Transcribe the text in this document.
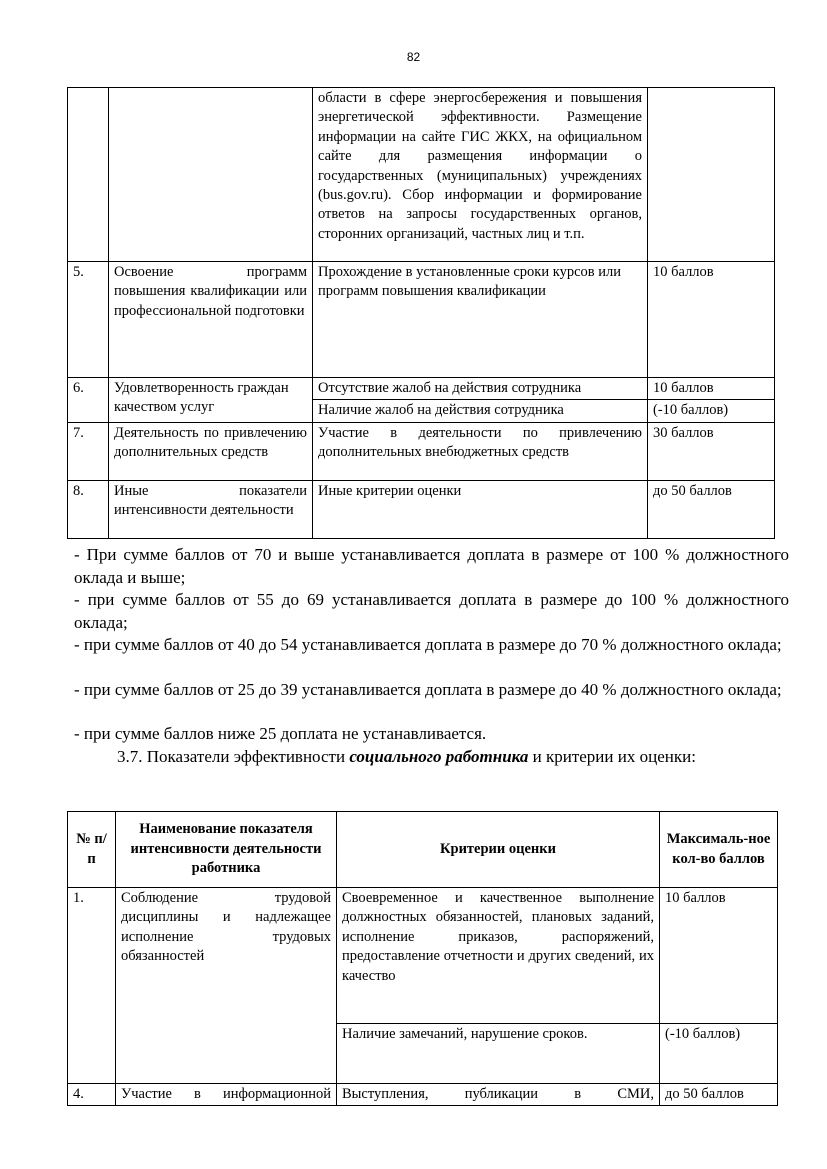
82
		области в сфере энергосбережения и повышения энергетической эффективности. Размещение информации на сайте ГИС ЖКХ, на официальном сайте для размещения информации о государственных (муниципальных) учреждениях (bus.gov.ru). Сбор информации и формирование ответов на запросы государственных органов, сторонних организаций, частных лиц и т.п.	
5.	Освоение программ повышения квалификации или профессиональной подготовки	Прохождение в установленные сроки курсов или программ повышения квалификации	10 баллов
6.	Удовлетворенность граждан качеством услуг	Отсутствие жалоб на действия сотрудника	10 баллов
		Наличие жалоб на действия сотрудника	(-10 баллов)
7.	Деятельность по привлечению дополнительных средств	Участие в деятельности по привлечению дополнительных внебюджетных средств	30 баллов
8.	Иные показатели интенсивности деятельности	Иные критерии оценки	до 50 баллов
- При сумме баллов от 70 и выше устанавливается доплата в размере от 100 % должностного оклада и выше;
- при сумме баллов от 55 до 69 устанавливается доплата в размере до 100 % должностного оклада;
- при сумме баллов от 40 до 54 устанавливается доплата в размере до 70 % должностного оклада;
- при сумме баллов от 25 до 39 устанавливается доплата в размере до 40 % должностного оклада;
- при сумме баллов ниже 25 доплата не устанавливается.
3.7. Показатели эффективности социального работника и критерии их оценки:
№ п/п	Наименование показателя интенсивности деятельности работника	Критерии оценки	Максималь-ное кол-во баллов
1.	Соблюдение трудовой дисциплины и надлежащее исполнение трудовых обязанностей	Своевременное и качественное выполнение должностных обязанностей, плановых заданий, исполнение приказов, распоряжений, предоставление отчетности и других сведений, их качество	10 баллов
		Наличие замечаний, нарушение сроков.	(-10 баллов)
4.	Участие в информационной	Выступления, публикации в СМИ,	до 50 баллов
